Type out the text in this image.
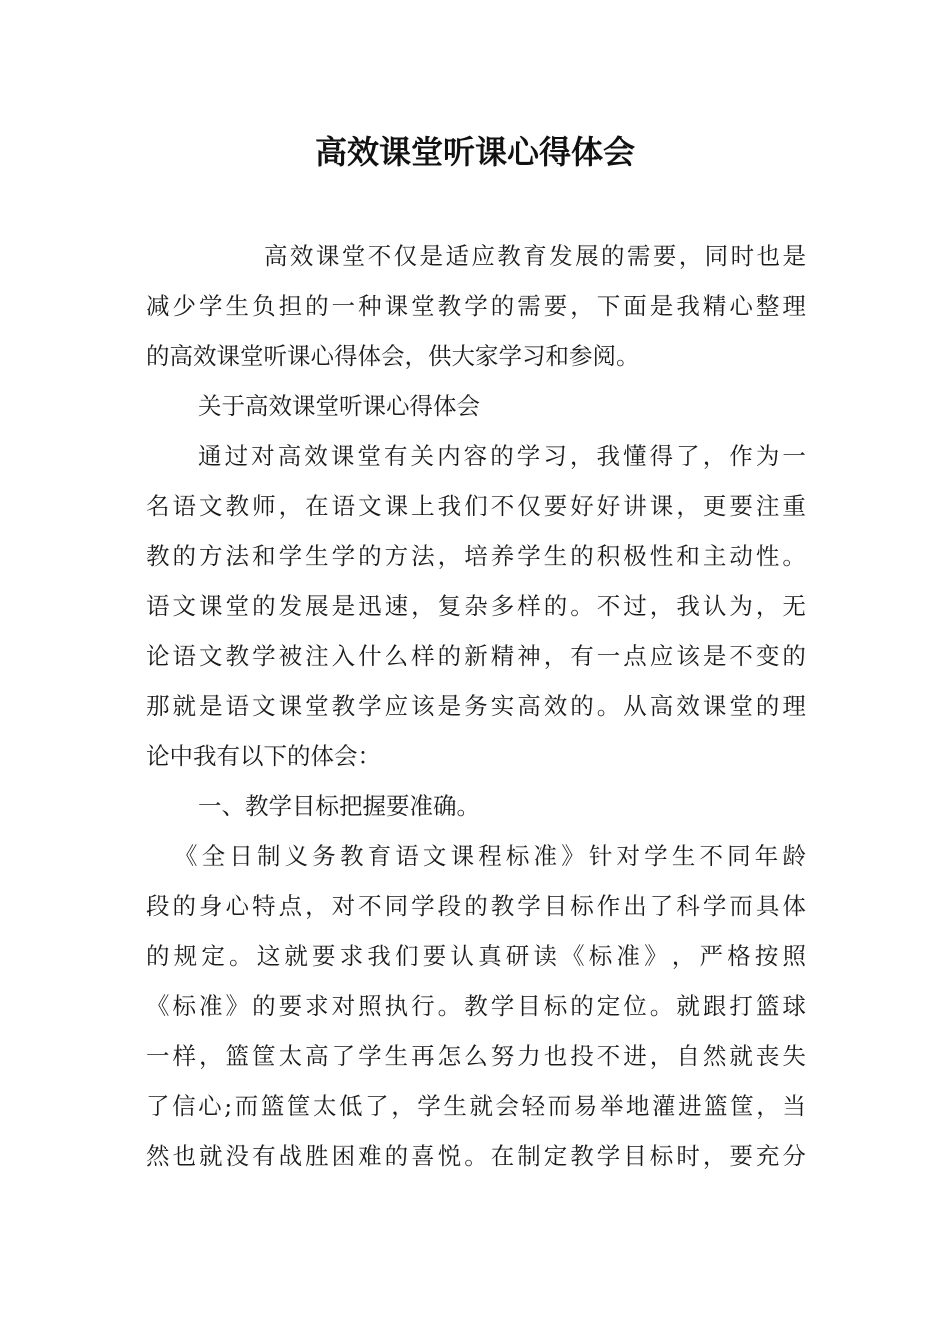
高效课堂听课心得体会

高 效 课 堂 不 仅 是 适 应 教 育 发 展 的 需 要 ， 同 时 也 是

减 少 学 生 负 担 的 一 种 课 堂 教 学 的 需 要 ， 下 面 是 我 精 心 整 理

的高效课堂听课心得体会，供大家学习和参阅。

关于高效课堂听课心得体会

通 过 对 高 效 课 堂 有 关 内 容 的 学 习 ， 我 懂 得 了 ， 作 为 一

名 语 文 教 师 ， 在 语 文 课 上 我 们 不 仅 要 好 好 讲 课 ， 更 要 注 重

教 的 方 法 和 学 生 学 的 方 法 ， 培 养 学 生 的 积 极 性 和 主 动 性 。

语 文 课 堂 的 发 展 是 迅 速 ， 复 杂 多 样 的 。 不 过 ， 我 认 为 ， 无

论 语 文 教 学 被 注 入 什 么 样 的 新 精 神 ， 有 一 点 应 该 是 不 变 的

那 就 是 语 文 课 堂 教 学 应 该 是 务 实 高 效 的 。 从 高 效 课 堂 的 理

论中我有以下的体会：

一、教学目标把握要准确。

《 全 日 制 义 务 教 育 语 文 课 程 标 准 》 针 对 学 生 不 同 年 龄

段 的 身 心 特 点 ， 对 不 同 学 段 的 教 学 目 标 作 出 了 科 学 而 具 体

的 规 定 。 这 就 要 求 我 们 要 认 真 研 读 《 标 准 》 ， 严 格 按 照

《 标 准 》 的 要 求 对 照 执 行 。 教 学 目 标 的 定 位 。 就 跟 打 篮 球

一 样 ， 篮 筐 太 高 了 学 生 再 怎 么 努 力 也 投 不 进 ， 自 然 就 丧 失

了 信 心 ; 而 篮 筐 太 低 了 ， 学 生 就 会 轻 而 易 举 地 灌 进 篮 筐 ， 当

然 也 就 没 有 战 胜 困 难 的 喜 悦 。 在 制 定 教 学 目 标 时 ， 要 充 分
